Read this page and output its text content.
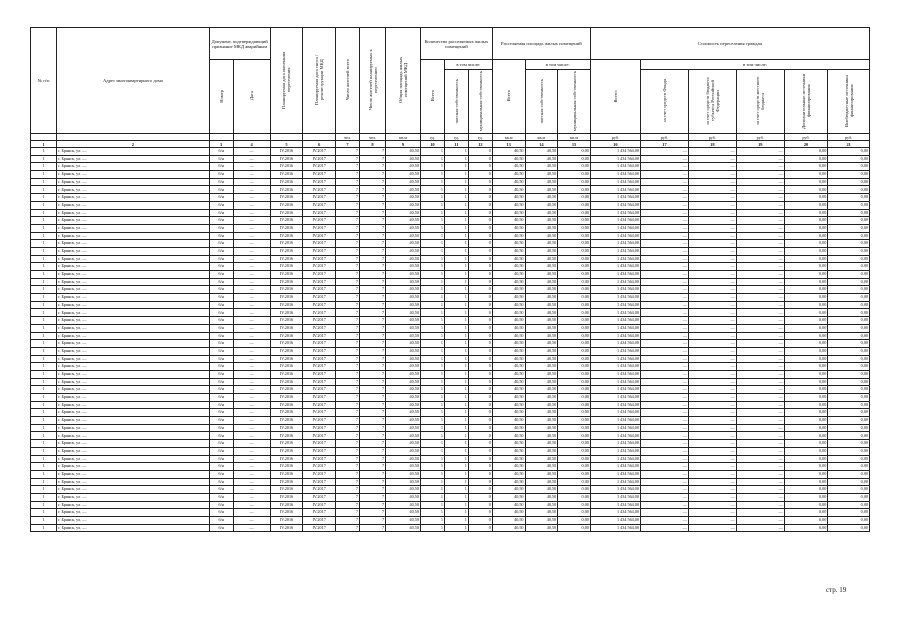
№ п/п	Адрес многоквартирного дома	Документ, подтверждающий признание МКД аварийным		Планируемая дата окончания переселения	Планируемая дата сноса / реконструкции МКД	Число жителей всего	Число жителей планируемых к переселению	Общая площадь жилых помещений МКД	Количество расселяемых жилых помещений			Расселяемая площадь жилых помещений			Стоимость переселения граждан					
		Номер	Дата						Всего	в том числе:		Всего	в том числе:		Всего:	в том числе:				
										частная собственность	муниципальная собственность		частная собственность	муниципальная собственность		за счет средств Фонда	за счет средств бюджета субъекта Российской Федерации	за счет средств местного бюджета	Дополнительные источники финансирования	Внебюджетные источники финансирования
						чел.	чел.	кв.м	ед.	ед.	ед.	кв.м	кв.м	кв.м	руб.	руб.	руб.	руб.	руб.	руб.
1	2	3	4	5	6	7	8	9	10	11	12	13	14	15	16	17	18	19	20	21
1	г. Брянск, ул. —	б/н	—	IV.2016	IV.2017	7	7	40,50	1	1	0	40,50	40,50	0,00	1 434 564,00	—	—	—	0,00	0,00
1	г. Брянск, ул. —	б/н	—	IV.2016	IV.2017	7	7	40,50	1	1	0	40,50	40,50	0,00	1 434 564,00	—	—	—	0,00	0,00
1	г. Брянск, ул. —	б/н	—	IV.2016	IV.2017	7	7	40,50	1	1	0	40,50	40,50	0,00	1 434 564,00	—	—	—	0,00	0,00
1	г. Брянск, ул. —	б/н	—	IV.2016	IV.2017	7	7	40,50	1	1	0	40,50	40,50	0,00	1 434 564,00	—	—	—	0,00	0,00
1	г. Брянск, ул. —	б/н	—	IV.2016	IV.2017	7	7	40,50	1	1	0	40,50	40,50	0,00	1 434 564,00	—	—	—	0,00	0,00
1	г. Брянск, ул. —	б/н	—	IV.2016	IV.2017	7	7	40,50	1	1	0	40,50	40,50	0,00	1 434 564,00	—	—	—	0,00	0,00
1	г. Брянск, ул. —	б/н	—	IV.2016	IV.2017	7	7	40,50	1	1	0	40,50	40,50	0,00	1 434 564,00	—	—	—	0,00	0,00
1	г. Брянск, ул. —	б/н	—	IV.2016	IV.2017	7	7	40,50	1	1	0	40,50	40,50	0,00	1 434 564,00	—	—	—	0,00	0,00
1	г. Брянск, ул. —	б/н	—	IV.2016	IV.2017	7	7	40,50	1	1	0	40,50	40,50	0,00	1 434 564,00	—	—	—	0,00	0,00
1	г. Брянск, ул. —	б/н	—	IV.2016	IV.2017	7	7	40,50	1	1	0	40,50	40,50	0,00	1 434 564,00	—	—	—	0,00	0,00
1	г. Брянск, ул. —	б/н	—	IV.2016	IV.2017	7	7	40,50	1	1	0	40,50	40,50	0,00	1 434 564,00	—	—	—	0,00	0,00
1	г. Брянск, ул. —	б/н	—	IV.2016	IV.2017	7	7	40,50	1	1	0	40,50	40,50	0,00	1 434 564,00	—	—	—	0,00	0,00
1	г. Брянск, ул. —	б/н	—	IV.2016	IV.2017	7	7	40,50	1	1	0	40,50	40,50	0,00	1 434 564,00	—	—	—	0,00	0,00
1	г. Брянск, ул. —	б/н	—	IV.2016	IV.2017	7	7	40,50	1	1	0	40,50	40,50	0,00	1 434 564,00	—	—	—	0,00	0,00
1	г. Брянск, ул. —	б/н	—	IV.2016	IV.2017	7	7	40,50	1	1	0	40,50	40,50	0,00	1 434 564,00	—	—	—	0,00	0,00
1	г. Брянск, ул. —	б/н	—	IV.2016	IV.2017	7	7	40,50	1	1	0	40,50	40,50	0,00	1 434 564,00	—	—	—	0,00	0,00
1	г. Брянск, ул. —	б/н	—	IV.2016	IV.2017	7	7	40,50	1	1	0	40,50	40,50	0,00	1 434 564,00	—	—	—	0,00	0,00
1	г. Брянск, ул. —	б/н	—	IV.2016	IV.2017	7	7	40,50	1	1	0	40,50	40,50	0,00	1 434 564,00	—	—	—	0,00	0,00
1	г. Брянск, ул. —	б/н	—	IV.2016	IV.2017	7	7	40,50	1	1	0	40,50	40,50	0,00	1 434 564,00	—	—	—	0,00	0,00
1	г. Брянск, ул. —	б/н	—	IV.2016	IV.2017	7	7	40,50	1	1	0	40,50	40,50	0,00	1 434 564,00	—	—	—	0,00	0,00
1	г. Брянск, ул. —	б/н	—	IV.2016	IV.2017	7	7	40,50	1	1	0	40,50	40,50	0,00	1 434 564,00	—	—	—	0,00	0,00
1	г. Брянск, ул. —	б/н	—	IV.2016	IV.2017	7	7	40,50	1	1	0	40,50	40,50	0,00	1 434 564,00	—	—	—	0,00	0,00
1	г. Брянск, ул. —	б/н	—	IV.2016	IV.2017	7	7	40,50	1	1	0	40,50	40,50	0,00	1 434 564,00	—	—	—	0,00	0,00
1	г. Брянск, ул. —	б/н	—	IV.2016	IV.2017	7	7	40,50	1	1	0	40,50	40,50	0,00	1 434 564,00	—	—	—	0,00	0,00
1	г. Брянск, ул. —	б/н	—	IV.2016	IV.2017	7	7	40,50	1	1	0	40,50	40,50	0,00	1 434 564,00	—	—	—	0,00	0,00
1	г. Брянск, ул. —	б/н	—	IV.2016	IV.2017	7	7	40,50	1	1	0	40,50	40,50	0,00	1 434 564,00	—	—	—	0,00	0,00
1	г. Брянск, ул. —	б/н	—	IV.2016	IV.2017	7	7	40,50	1	1	0	40,50	40,50	0,00	1 434 564,00	—	—	—	0,00	0,00
1	г. Брянск, ул. —	б/н	—	IV.2016	IV.2017	7	7	40,50	1	1	0	40,50	40,50	0,00	1 434 564,00	—	—	—	0,00	0,00
1	г. Брянск, ул. —	б/н	—	IV.2016	IV.2017	7	7	40,50	1	1	0	40,50	40,50	0,00	1 434 564,00	—	—	—	0,00	0,00
1	г. Брянск, ул. —	б/н	—	IV.2016	IV.2017	7	7	40,50	1	1	0	40,50	40,50	0,00	1 434 564,00	—	—	—	0,00	0,00
1	г. Брянск, ул. —	б/н	—	IV.2016	IV.2017	7	7	40,50	1	1	0	40,50	40,50	0,00	1 434 564,00	—	—	—	0,00	0,00
1	г. Брянск, ул. —	б/н	—	IV.2016	IV.2017	7	7	40,50	1	1	0	40,50	40,50	0,00	1 434 564,00	—	—	—	0,00	0,00
1	г. Брянск, ул. —	б/н	—	IV.2016	IV.2017	7	7	40,50	1	1	0	40,50	40,50	0,00	1 434 564,00	—	—	—	0,00	0,00
1	г. Брянск, ул. —	б/н	—	IV.2016	IV.2017	7	7	40,50	1	1	0	40,50	40,50	0,00	1 434 564,00	—	—	—	0,00	0,00
1	г. Брянск, ул. —	б/н	—	IV.2016	IV.2017	7	7	40,50	1	1	0	40,50	40,50	0,00	1 434 564,00	—	—	—	0,00	0,00
1	г. Брянск, ул. —	б/н	—	IV.2016	IV.2017	7	7	40,50	1	1	0	40,50	40,50	0,00	1 434 564,00	—	—	—	0,00	0,00
1	г. Брянск, ул. —	б/н	—	IV.2016	IV.2017	7	7	40,50	1	1	0	40,50	40,50	0,00	1 434 564,00	—	—	—	0,00	0,00
1	г. Брянск, ул. —	б/н	—	IV.2016	IV.2017	7	7	40,50	1	1	0	40,50	40,50	0,00	1 434 564,00	—	—	—	0,00	0,00
1	г. Брянск, ул. —	б/н	—	IV.2016	IV.2017	7	7	40,50	1	1	0	40,50	40,50	0,00	1 434 564,00	—	—	—	0,00	0,00
1	г. Брянск, ул. —	б/н	—	IV.2016	IV.2017	7	7	40,50	1	1	0	40,50	40,50	0,00	1 434 564,00	—	—	—	0,00	0,00
1	г. Брянск, ул. —	б/н	—	IV.2016	IV.2017	7	7	40,50	1	1	0	40,50	40,50	0,00	1 434 564,00	—	—	—	0,00	0,00
1	г. Брянск, ул. —	б/н	—	IV.2016	IV.2017	7	7	40,50	1	1	0	40,50	40,50	0,00	1 434 564,00	—	—	—	0,00	0,00
1	г. Брянск, ул. —	б/н	—	IV.2016	IV.2017	7	7	40,50	1	1	0	40,50	40,50	0,00	1 434 564,00	—	—	—	0,00	0,00
1	г. Брянск, ул. —	б/н	—	IV.2016	IV.2017	7	7	40,50	1	1	0	40,50	40,50	0,00	1 434 564,00	—	—	—	0,00	0,00
1	г. Брянск, ул. —	б/н	—	IV.2016	IV.2017	7	7	40,50	1	1	0	40,50	40,50	0,00	1 434 564,00	—	—	—	0,00	0,00
1	г. Брянск, ул. —	б/н	—	IV.2016	IV.2017	7	7	40,50	1	1	0	40,50	40,50	0,00	1 434 564,00	—	—	—	0,00	0,00
1	г. Брянск, ул. —	б/н	—	IV.2016	IV.2017	7	7	40,50	1	1	0	40,50	40,50	0,00	1 434 564,00	—	—	—	0,00	0,00
1	г. Брянск, ул. —	б/н	—	IV.2016	IV.2017	7	7	40,50	1	1	0	40,50	40,50	0,00	1 434 564,00	—	—	—	0,00	0,00
1	г. Брянск, ул. —	б/н	—	IV.2016	IV.2017	7	7	40,50	1	1	0	40,50	40,50	0,00	1 434 564,00	—	—	—	0,00	0,00
1	г. Брянск, ул. —	б/н	—	IV.2016	IV.2017	7	7	40,50	1	1	0	40,50	40,50	0,00	1 434 564,00	—	—	—	0,00	0,00
стр. 19
